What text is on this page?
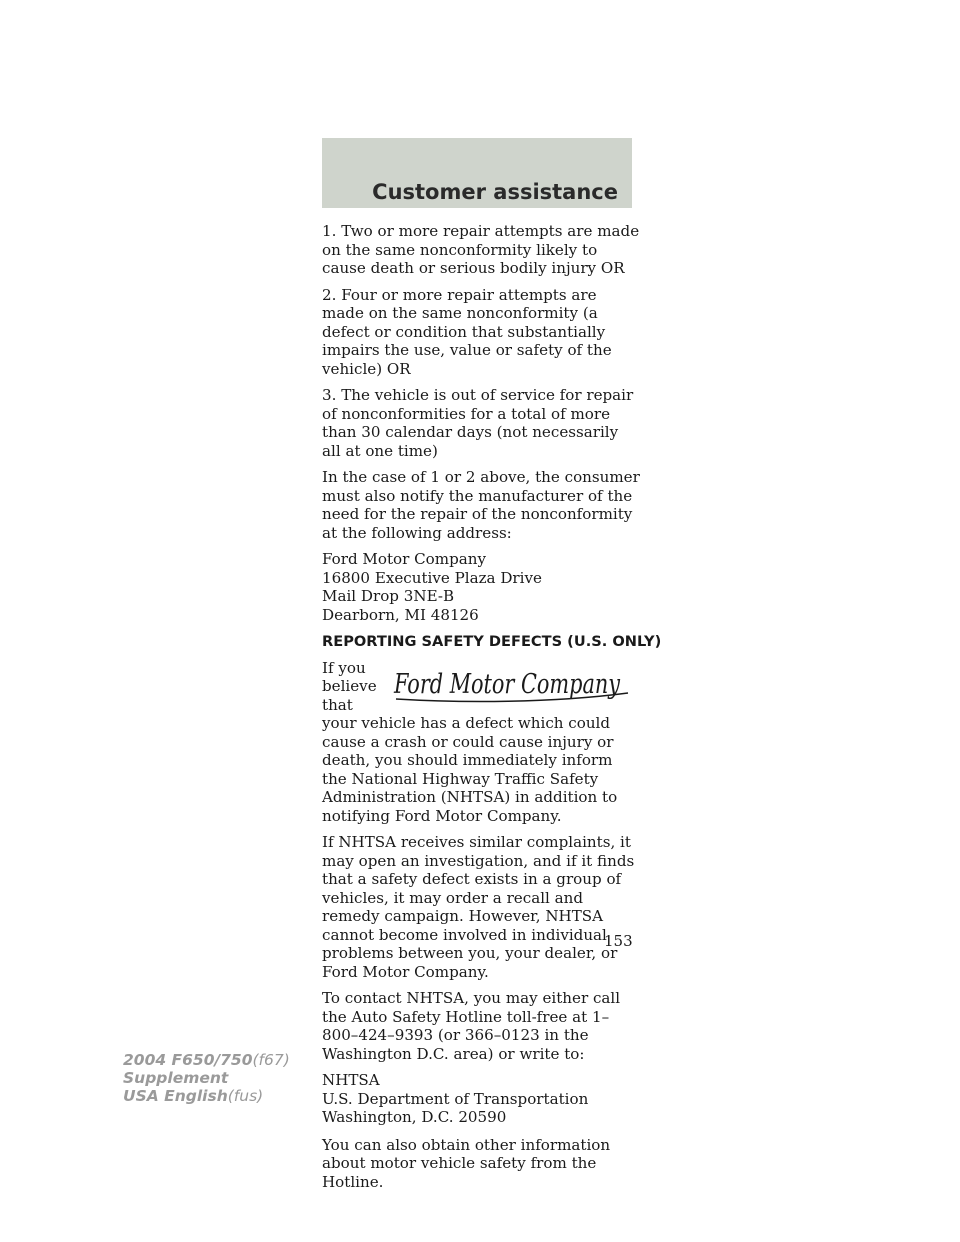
Customer assistance

1. Two or more repair attempts are made on the same nonconformity likely to cause death or serious bodily injury OR

2. Four or more repair attempts are made on the same nonconformity (a defect or condition that substantially impairs the use, value or safety of the vehicle) OR

3. The vehicle is out of service for repair of nonconformities for a total of more than 30 calendar days (not necessarily all at one time)

In the case of 1 or 2 above, the consumer must also notify the manufacturer of the need for the repair of the nonconformity at the following address:

Ford Motor Company
16800 Executive Plaza Drive
Mail Drop 3NE-B
Dearborn, MI 48126
REPORTING SAFETY DEFECTS (U.S. ONLY)
Ford Motor Company

If you believe that your vehicle has a defect which could cause a crash or could cause injury or death, you should immediately inform the National Highway Traffic Safety Administration (NHTSA) in addition to notifying Ford Motor Company.

If NHTSA receives similar complaints, it may open an investigation, and if it finds that a safety defect exists in a group of vehicles, it may order a recall and remedy campaign. However, NHTSA cannot become involved in individual problems between you, your dealer, or Ford Motor Company.

To contact NHTSA, you may either call the Auto Safety Hotline toll-free at 1–800–424–9393 (or 366–0123 in the Washington D.C. area) or write to:

NHTSA
U.S. Department of Transportation
Washington, D.C. 20590

You can also obtain other information about motor vehicle safety from the Hotline.

153
2004 F650/750(f67)
Supplement
USA English(fus)
